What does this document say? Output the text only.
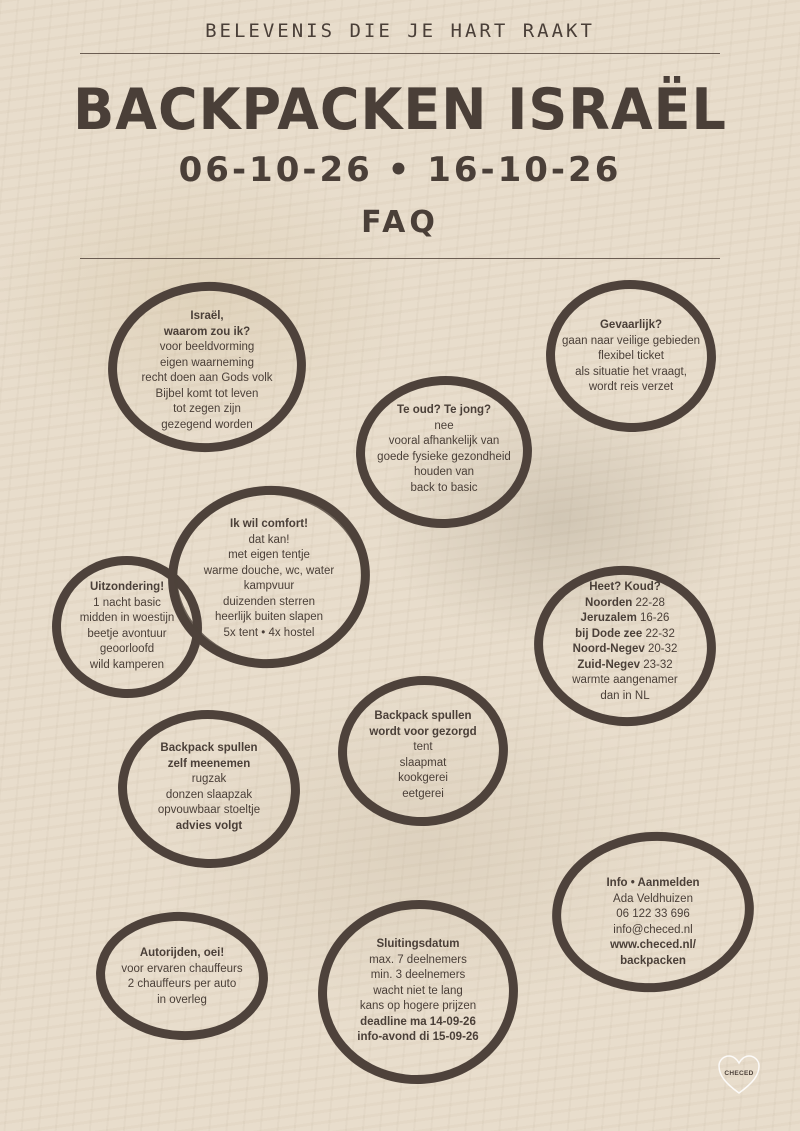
BELEVENIS DIE JE HART RAAKT
BACKPACKEN ISRAËL
06-10-26 • 16-10-26
FAQ
Israël,
waarom zou ik?
voor beeldvorming
eigen waarneming
recht doen aan Gods volk
Bijbel komt tot leven
tot zegen zijn
gezegend worden
Gevaarlijk?
gaan naar veilige gebieden
flexibel ticket
als situatie het vraagt,
wordt reis verzet
Te oud? Te jong?
nee
vooral afhankelijk van
goede fysieke gezondheid
houden van
back to basic
Ik wil comfort!
dat kan!
met eigen tentje
warme douche, wc, water
kampvuur
duizenden sterren
heerlijk buiten slapen
5x tent • 4x hostel
Uitzondering!
1 nacht basic
midden in woestijn
beetje avontuur
geoorloofd
wild kamperen
Heet? Koud?
Noorden 22-28
Jeruzalem 16-26
bij Dode zee 22-32
Noord-Negev 20-32
Zuid-Negev 23-32
warmte aangenamer
dan in NL
Backpack spullen
wordt voor gezorgd
tent
slaapmat
kookgerei
eetgerei
Backpack spullen
zelf meenemen
rugzak
donzen slaapzak
opvouwbaar stoeltje
advies volgt
Info • Aanmelden
Ada Veldhuizen
06 122 33 696
info@checed.nl
www.checed.nl/
backpacken
Autorijden, oei!
voor ervaren chauffeurs
2 chauffeurs per auto
in overleg
Sluitingsdatum
max. 7 deelnemers
min. 3 deelnemers
wacht niet te lang
kans op hogere prijzen
deadline ma 14-09-26
info-avond di 15-09-26
CHECED
